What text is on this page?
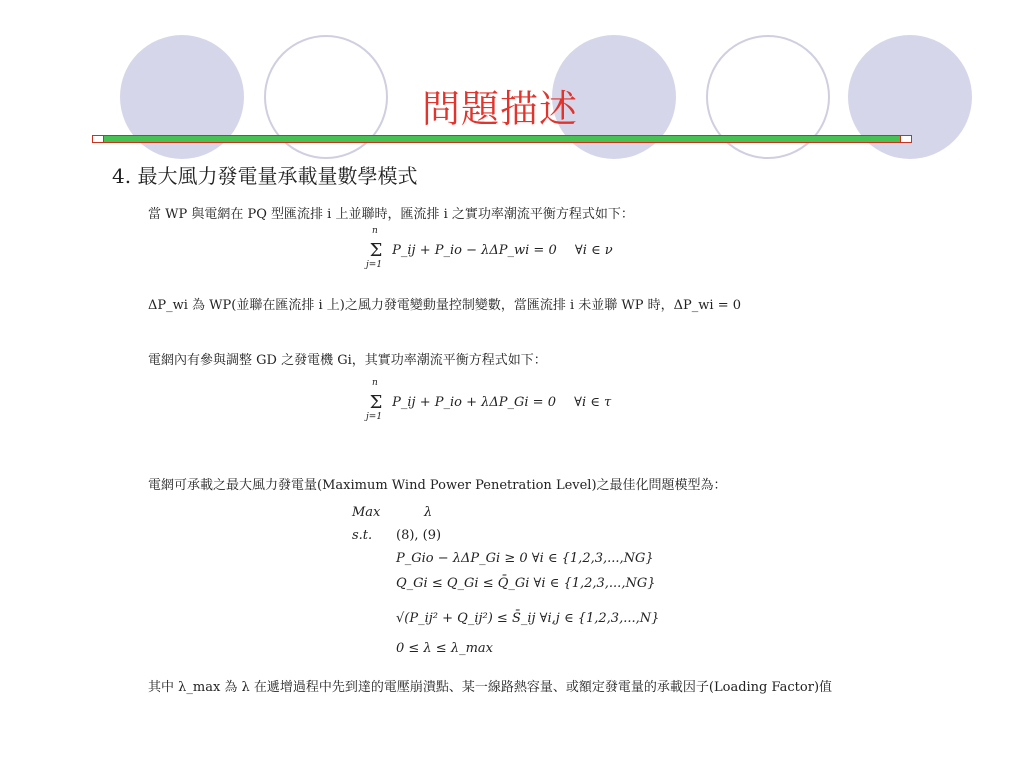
問題描述
4. 最大風力發電量承載量數學模式
當 WP 與電網在 PQ 型匯流排 i 上並聯時，匯流排 i 之實功率潮流平衡方程式如下：
n
Σ
j=1
P_ij + P_io − λΔP_wi = 0 ∀i ∈ ν
ΔP_wi 為 WP(並聯在匯流排 i 上)之風力發電變動量控制變數，當匯流排 i 未並聯 WP 時，ΔP_wi = 0
電網內有參與調整 GD 之發電機 Gi，其實功率潮流平衡方程式如下：
n
Σ
j=1
P_ij + P_io + λΔP_Gi = 0 ∀i ∈ τ
電網可承載之最大風力發電量(Maximum Wind Power Penetration Level)之最佳化問題模型為：
Max	λ
s.t. (8), (9)
P_Gio − λΔP_Gi ≥ 0 ∀i ∈ {1,2,3,...,NG}
Q_Gi ≤ Q_Gi ≤ Q̄_Gi ∀i ∈ {1,2,3,...,NG}
√(P_ij² + Q_ij²) ≤ S̄_ij ∀i,j ∈ {1,2,3,...,N}
0 ≤ λ ≤ λ_max
其中 λ_max 為 λ 在遞增過程中先到達的電壓崩潰點、某一線路熱容量、或額定發電量的承載因子(Loading Factor)值
